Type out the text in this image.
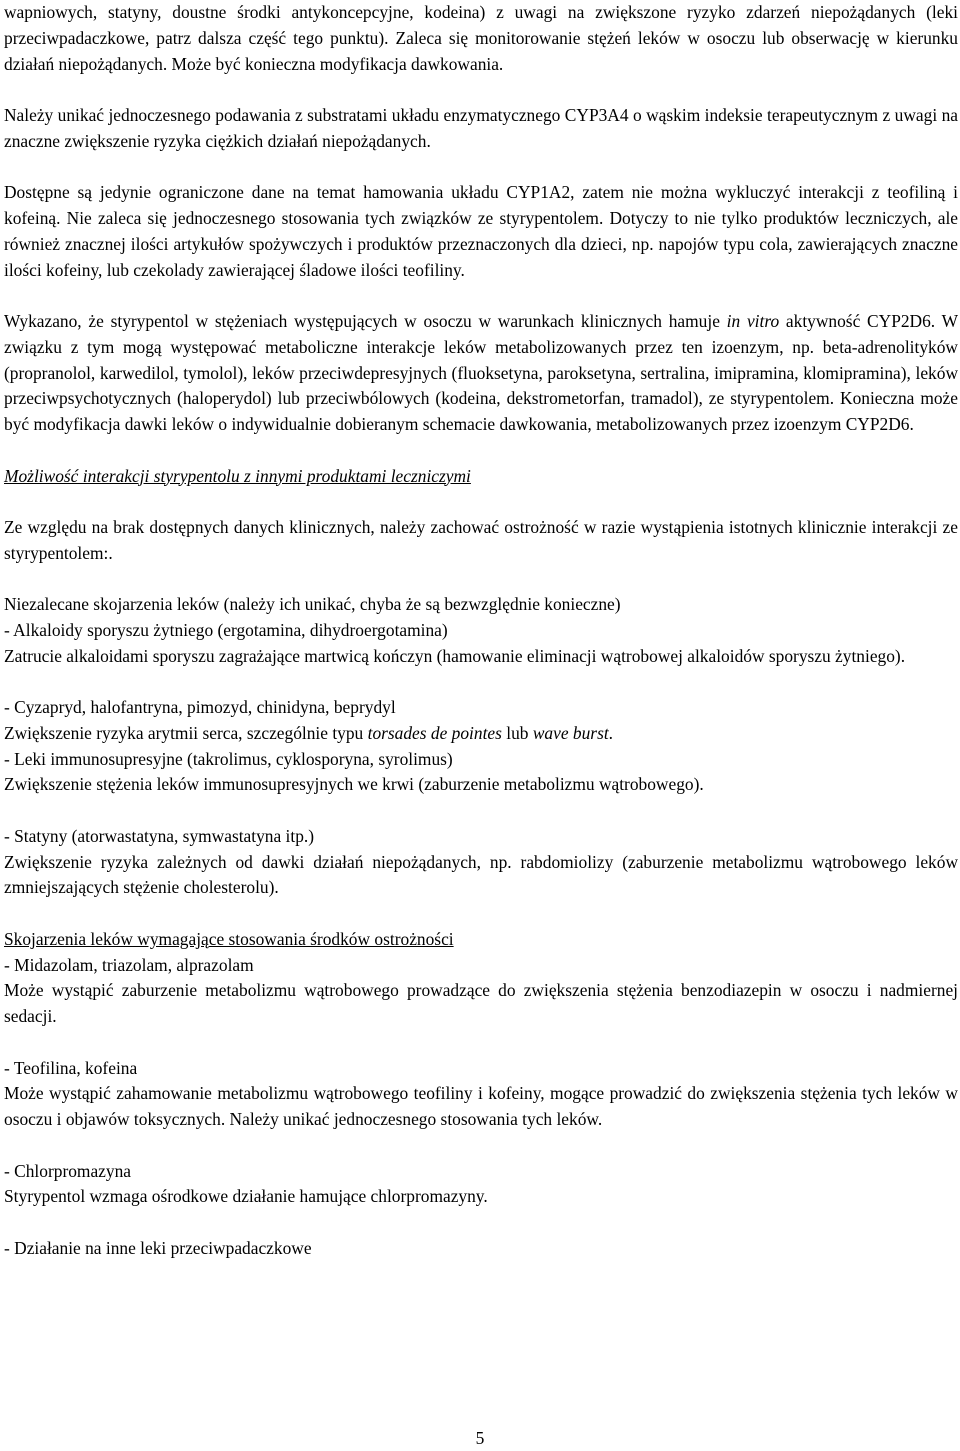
wapniowych, statyny, doustne środki antykoncepcyjne, kodeina) z uwagi na zwiększone ryzyko zdarzeń niepożądanych (leki przeciwpadaczkowe, patrz dalsza część tego punktu). Zaleca się monitorowanie stężeń leków w osoczu lub obserwację w kierunku działań niepożądanych. Może być konieczna modyfikacja dawkowania.

Należy unikać jednoczesnego podawania z substratami układu enzymatycznego CYP3A4 o wąskim indeksie terapeutycznym z uwagi na znaczne zwiększenie ryzyka ciężkich działań niepożądanych.

Dostępne są jedynie ograniczone dane na temat hamowania układu CYP1A2, zatem nie można wykluczyć interakcji z teofiliną i kofeiną. Nie zaleca się jednoczesnego stosowania tych związków ze styrypentolem. Dotyczy to nie tylko produktów leczniczych, ale również znacznej ilości artykułów spożywczych i produktów przeznaczonych dla dzieci, np. napojów typu cola, zawierających znaczne ilości kofeiny, lub czekolady zawierającej śladowe ilości teofiliny.

Wykazano, że styrypentol w stężeniach występujących w osoczu w warunkach klinicznych hamuje in vitro aktywność CYP2D6. W związku z tym mogą występować metaboliczne interakcje leków metabolizowanych przez ten izoenzym, np. beta-adrenolityków (propranolol, karwedilol, tymolol), leków przeciwdepresyjnych (fluoksetyna, paroksetyna, sertralina, imipramina, klomipramina), leków przeciwpsychotycznych (haloperydol) lub przeciwbólowych (kodeina, dekstrometorfan, tramadol), ze styrypentolem. Konieczna może być modyfikacja dawki leków o indywidualnie dobieranym schemacie dawkowania, metabolizowanych przez izoenzym CYP2D6.

Możliwość interakcji styrypentolu z innymi produktami leczniczymi

Ze względu na brak dostępnych danych klinicznych, należy zachować ostrożność w razie wystąpienia istotnych klinicznie interakcji ze styrypentolem:.

Niezalecane skojarzenia leków (należy ich unikać, chyba że są bezwzględnie konieczne)

- Alkaloidy sporyszu żytniego (ergotamina, dihydroergotamina)

Zatrucie alkaloidami sporyszu zagrażające martwicą kończyn (hamowanie eliminacji wątrobowej alkaloidów sporyszu żytniego).

- Cyzapryd, halofantryna, pimozyd, chinidyna, beprydyl

Zwiększenie ryzyka arytmii serca, szczególnie typu torsades de pointes lub wave burst.

- Leki immunosupresyjne (takrolimus, cyklosporyna, syrolimus)

Zwiększenie stężenia leków immunosupresyjnych we krwi (zaburzenie metabolizmu wątrobowego).

- Statyny (atorwastatyna, symwastatyna itp.)

Zwiększenie ryzyka zależnych od dawki działań niepożądanych, np. rabdomiolizy (zaburzenie metabolizmu wątrobowego leków zmniejszających stężenie cholesterolu).

Skojarzenia leków wymagające stosowania środków ostrożności

- Midazolam, triazolam, alprazolam

Może wystąpić zaburzenie metabolizmu wątrobowego prowadzące do zwiększenia stężenia benzodiazepin w osoczu i nadmiernej sedacji.

- Teofilina, kofeina

Może wystąpić zahamowanie metabolizmu wątrobowego teofiliny i kofeiny, mogące prowadzić do zwiększenia stężenia tych leków w osoczu i objawów toksycznych. Należy unikać jednoczesnego stosowania tych leków.

- Chlorpromazyna

Styrypentol wzmaga ośrodkowe działanie hamujące chlorpromazyny.

- Działanie na inne leki przeciwpadaczkowe

5
